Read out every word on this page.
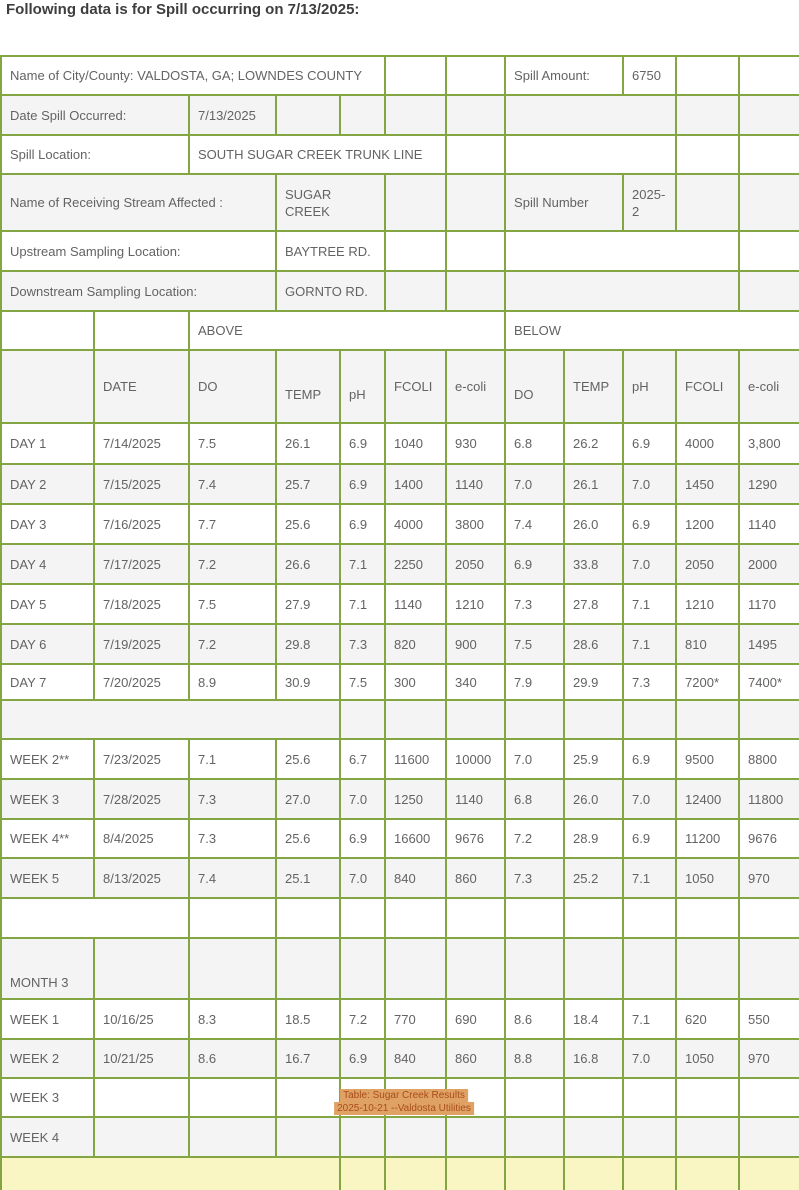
Following data is for Spill occurring on 7/13/2025:
Name of City/County: VALDOSTA, GA; LOWNDES COUNTY							Spill Amount:		6750		
Date Spill Occurred:		7/13/2025									
Spill Location:		SOUTH SUGAR CREEK TRUNK LINE									
Name of Receiving Stream Affected :			SUGAR CREEK				Spill Number		2025-2		
Upstream Sampling Location:			BAYTREE RD.								
Downstream Sampling Location:			GORNTO RD.								
		ABOVE					BELOW				
	DATE	DO	TEMP	pH	FCOLI	e-coli	DO	TEMP	pH	FCOLI	e-coli
DAY 1	7/14/2025	7.5	26.1	6.9	1040	930	6.8	26.2	6.9	4000	3,800
DAY 2	7/15/2025	7.4	25.7	6.9	1400	1140	7.0	26.1	7.0	1450	1290
DAY 3	7/16/2025	7.7	25.6	6.9	4000	3800	7.4	26.0	6.9	1200	1140
DAY 4	7/17/2025	7.2	26.6	7.1	2250	2050	6.9	33.8	7.0	2050	2000
DAY 5	7/18/2025	7.5	27.9	7.1	1140	1210	7.3	27.8	7.1	1210	1170
DAY 6	7/19/2025	7.2	29.8	7.3	820	900	7.5	28.6	7.1	810	1495
DAY 7	7/20/2025	8.9	30.9	7.5	300	340	7.9	29.9	7.3	7200*	7400*

WEEK 2**	7/23/2025	7.1	25.6	6.7	11600	10000	7.0	25.9	6.9	9500	8800
WEEK 3	7/28/2025	7.3	27.0	7.0	1250	1140	6.8	26.0	7.0	12400	11800
WEEK 4**	8/4/2025	7.3	25.6	6.9	16600	9676	7.2	28.9	6.9	11200	9676
WEEK 5	8/13/2025	7.4	25.1	7.0	840	860	7.3	25.2	7.1	1050	970

MONTH 3											
WEEK 1	10/16/25	8.3	18.5	7.2	770	690	8.6	18.4	7.1	620	550
WEEK 2	10/21/25	8.6	16.7	6.9	840	860	8.8	16.8	7.0	1050	970
WEEK 3											
WEEK 4											

Table: Sugar Creek Results
2025-10-21 --Valdosta Utilities
